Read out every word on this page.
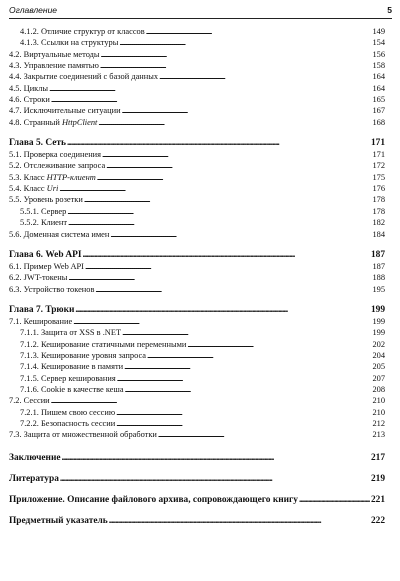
Оглавление	5
4.1.2. Отличие структур от классов . . .	149
4.1.3. Ссылки на структуры . . .	154
4.2. Виртуальные методы . . .	156
4.3. Управление памятью . . .	158
4.4. Закрытие соединений с базой данных . . .	164
4.5. Циклы . . .	164
4.6. Строки . . .	165
4.7. Исключительные ситуации . . .	167
4.8. Странный HttpClient . . .	168
Глава 5. Сеть . . .	171
5.1. Проверка соединения . . .	171
5.2. Отслеживание запроса . . .	172
5.3. Класс HTTP-клиент . . .	175
5.4. Класс Uri . . .	176
5.5. Уровень розетки . . .	178
5.5.1. Сервер . . .	178
5.5.2. Клиент . . .	182
5.6. Доменная система имен . . .	184
Глава 6. Web API . . .	187
6.1. Пример Web API . . .	187
6.2. JWT-токены . . .	188
6.3. Устройство токенов . . .	195
Глава 7. Трюки . . .	199
7.1. Кеширование . . .	199
7.1.1. Защита от XSS в .NET . . .	199
7.1.2. Кеширование статичными переменными . . .	202
7.1.3. Кеширование уровня запроса . . .	204
7.1.4. Кеширование в памяти . . .	205
7.1.5. Сервер кеширования . . .	207
7.1.6. Cookie в качестве кеша . . .	208
7.2. Сессии . . .	210
7.2.1. Пишем свою сессию . . .	210
7.2.2. Безопасность сессии . . .	212
7.3. Защита от множественной обработки . . .	213
Заключение . . .	217
Литература . . .	219
Приложение. Описание файлового архива, сопровождающего книгу . . .	221
Предметный указатель . . .	222
